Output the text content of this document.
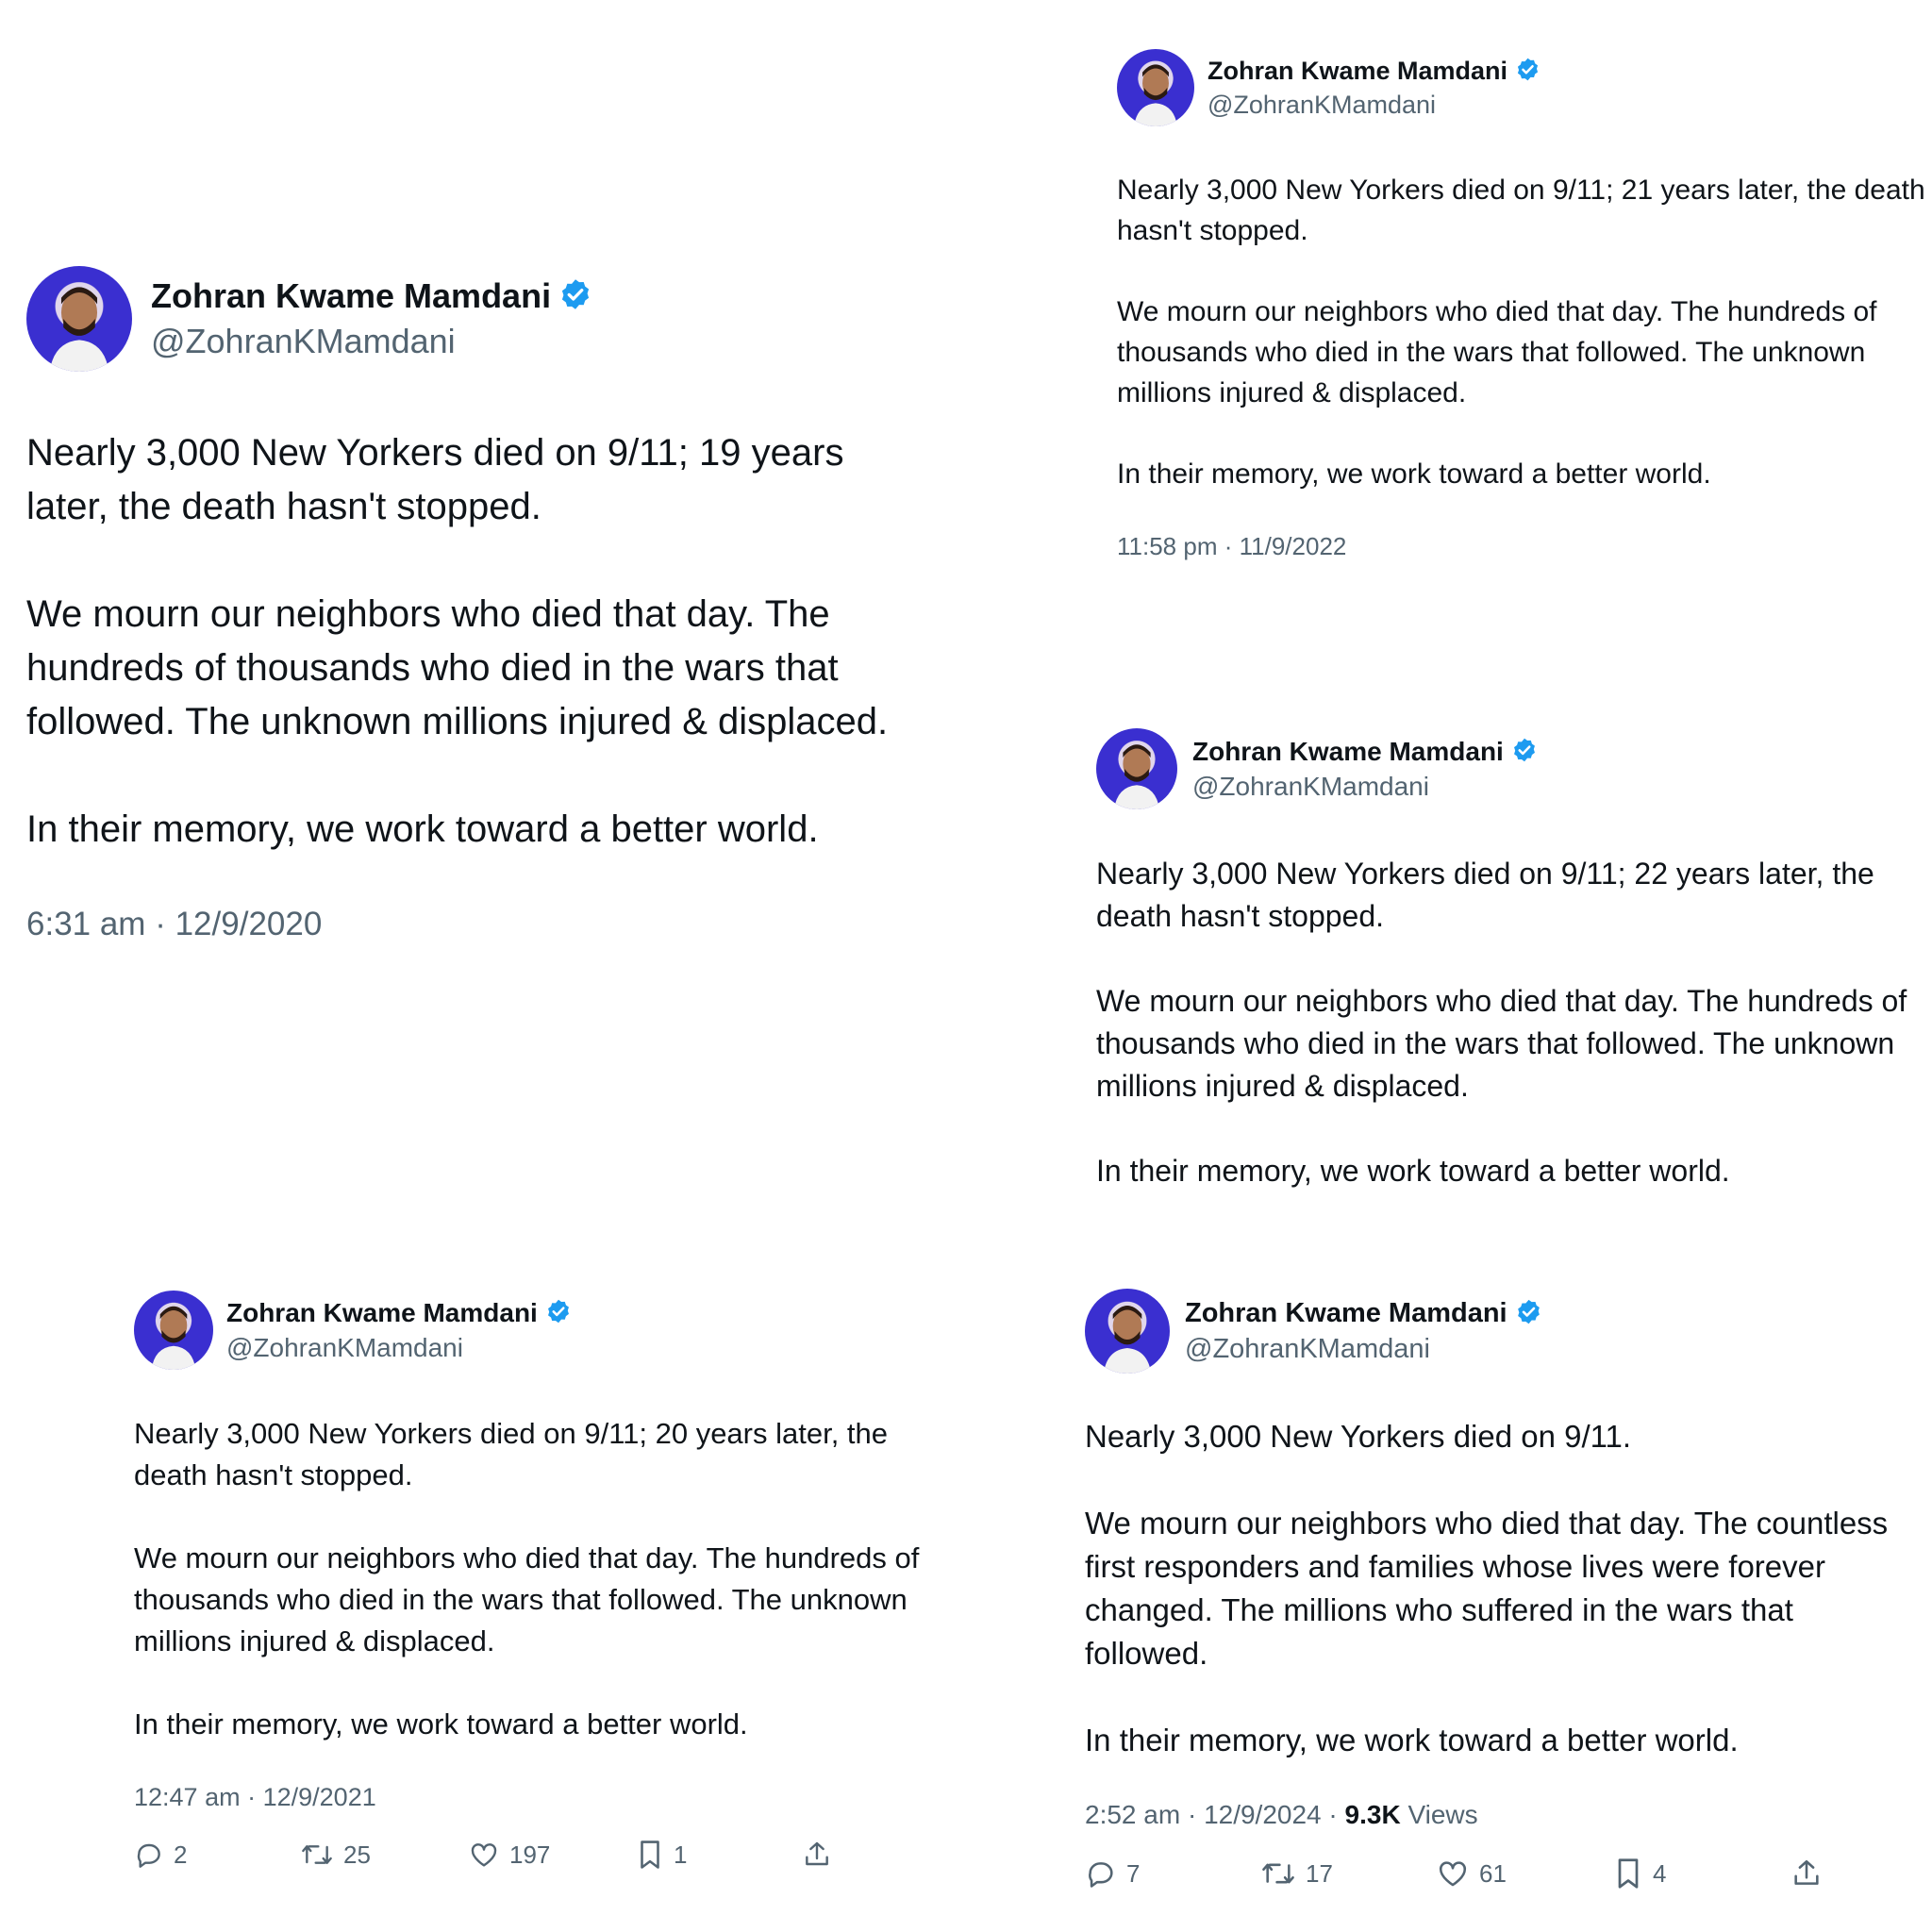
Zohran Kwame Mamdani
@ZohranKMamdani

Nearly 3,000 New Yorkers died on 9/11; 19 years later, the death hasn't stopped.

We mourn our neighbors who died that day. The hundreds of thousands who died in the wars that followed. The unknown millions injured & displaced.

In their memory, we work toward a better world.

6:31 am · 12/9/2020
Zohran Kwame Mamdani
@ZohranKMamdani

Nearly 3,000 New Yorkers died on 9/11; 21 years later, the death hasn't stopped.

We mourn our neighbors who died that day. The hundreds of thousands who died in the wars that followed. The unknown millions injured & displaced.

In their memory, we work toward a better world.

11:58 pm · 11/9/2022
Zohran Kwame Mamdani
@ZohranKMamdani

Nearly 3,000 New Yorkers died on 9/11; 22 years later, the death hasn't stopped.

We mourn our neighbors who died that day. The hundreds of thousands who died in the wars that followed. The unknown millions injured & displaced.

In their memory, we work toward a better world.

Zohran Kwame Mamdani
@ZohranKMamdani

Nearly 3,000 New Yorkers died on 9/11; 20 years later, the death hasn't stopped.

We mourn our neighbors who died that day. The hundreds of thousands who died in the wars that followed. The unknown millions injured & displaced.

In their memory, we work toward a better world.

12:47 am · 12/9/2021
2	25	197	1
Zohran Kwame Mamdani
@ZohranKMamdani

Nearly 3,000 New Yorkers died on 9/11.

We mourn our neighbors who died that day. The countless first responders and families whose lives were forever changed. The millions who suffered in the wars that followed.

In their memory, we work toward a better world.

2:52 am · 12/9/2024 · 9.3K Views
7	17	61	4
